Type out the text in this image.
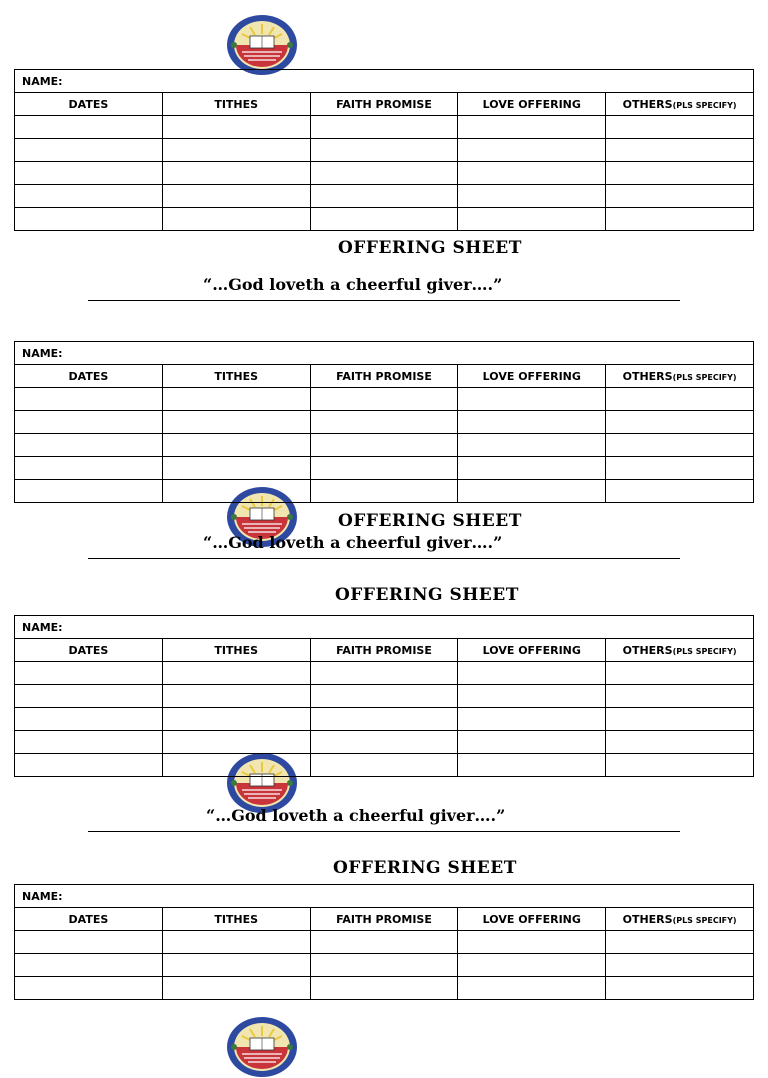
NAME:				
DATES	TITHES	FAITH PROMISE	LOVE OFFERING	OTHERS(PLS SPECIFY)

OFFERING SHEET
“…God loveth a cheerful giver….”
NAME:				
DATES	TITHES	FAITH PROMISE	LOVE OFFERING	OTHERS(PLS SPECIFY)

OFFERING SHEET
“…God loveth a cheerful giver….”
OFFERING SHEET
NAME:				
DATES	TITHES	FAITH PROMISE	LOVE OFFERING	OTHERS(PLS SPECIFY)

“…God loveth a cheerful giver….”
OFFERING SHEET
NAME:				
DATES	TITHES	FAITH PROMISE	LOVE OFFERING	OTHERS(PLS SPECIFY)
